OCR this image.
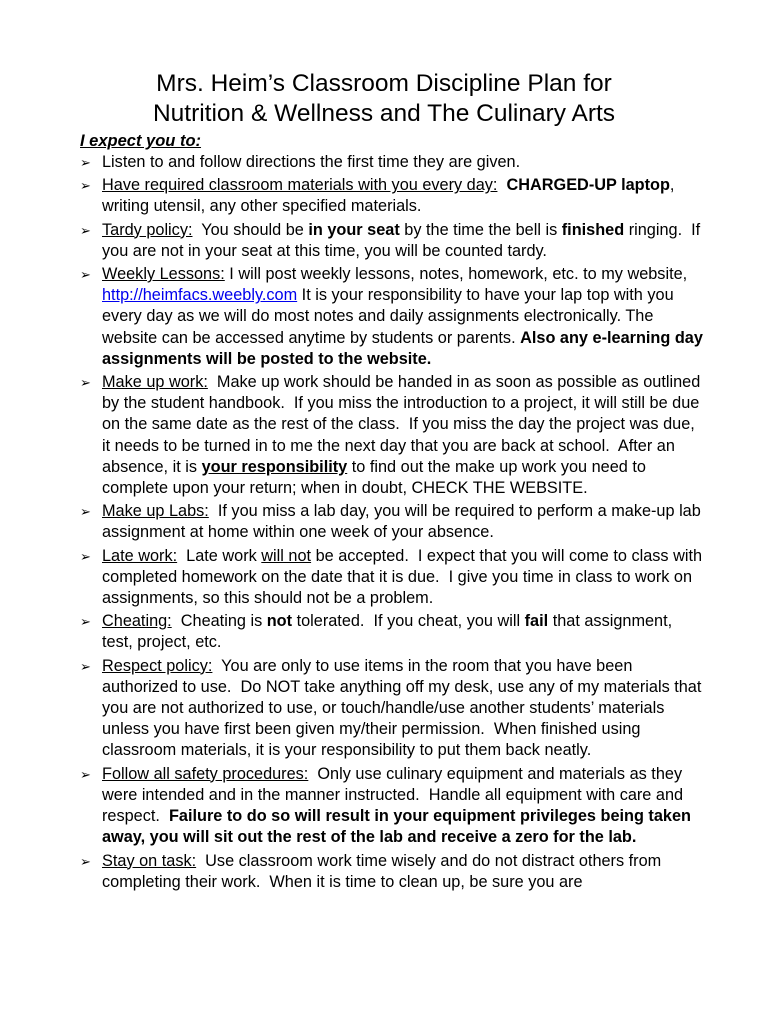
Mrs. Heim’s Classroom Discipline Plan for
Nutrition & Wellness and The Culinary Arts
I expect you to:
➢ Listen to and follow directions the first time they are given.
➢ Have required classroom materials with you every day: CHARGED-UP laptop, writing utensil, any other specified materials.
➢ Tardy policy:  You should be in your seat by the time the bell is finished ringing.  If you are not in your seat at this time, you will be counted tardy.
➢ Weekly Lessons: I will post weekly lessons, notes, homework, etc. to my website, http://heimfacs.weebly.com It is your responsibility to have your lap top with you every day as we will do most notes and daily assignments electronically. The website can be accessed anytime by students or parents. Also any e-learning day assignments will be posted to the website.
➢ Make up work:  Make up work should be handed in as soon as possible as outlined by the student handbook.  If you miss the introduction to a project, it will still be due on the same date as the rest of the class.  If you miss the day the project was due, it needs to be turned in to me the next day that you are back at school.  After an absence, it is your responsibility to find out the make up work you need to complete upon your return; when in doubt, CHECK THE WEBSITE.
➢ Make up Labs:  If you miss a lab day, you will be required to perform a make-up lab assignment at home within one week of your absence.
➢ Late work:  Late work will not be accepted.  I expect that you will come to class with completed homework on the date that it is due.  I give you time in class to work on assignments, so this should not be a problem.
➢ Cheating:  Cheating is not tolerated.  If you cheat, you will fail that assignment, test, project, etc.
➢ Respect policy:  You are only to use items in the room that you have been authorized to use.  Do NOT take anything off my desk, use any of my materials that you are not authorized to use, or touch/handle/use another students’ materials unless you have first been given my/their permission.  When finished using classroom materials, it is your responsibility to put them back neatly.
➢ Follow all safety procedures:  Only use culinary equipment and materials as they were intended and in the manner instructed.  Handle all equipment with care and respect.  Failure to do so will result in your equipment privileges being taken away, you will sit out the rest of the lab and receive a zero for the lab.
➢ Stay on task:  Use classroom work time wisely and do not distract others from completing their work.  When it is time to clean up, be sure you are
